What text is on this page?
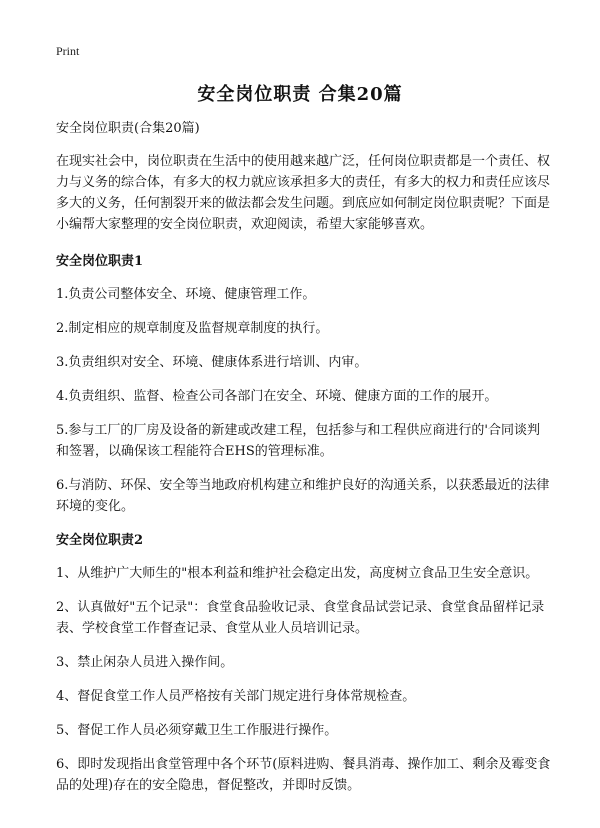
Print
安全岗位职责 合集20篇

安全岗位职责(合集20篇)

在现实社会中，岗位职责在生活中的使用越来越广泛，任何岗位职责都是一个责任、权力与义务的综合体，有多大的权力就应该承担多大的责任，有多大的权力和责任应该尽多大的义务，任何割裂开来的做法都会发生问题。到底应如何制定岗位职责呢？下面是小编帮大家整理的安全岗位职责，欢迎阅读，希望大家能够喜欢。

安全岗位职责1

1.负责公司整体安全、环境、健康管理工作。

2.制定相应的规章制度及监督规章制度的执行。

3.负责组织对安全、环境、健康体系进行培训、内审。

4.负责组织、监督、检查公司各部门在安全、环境、健康方面的工作的展开。

5.参与工厂的厂房及设备的新建或改建工程，包括参与和工程供应商进行的'合同谈判和签署，以确保该工程能符合EHS的管理标准。

6.与消防、环保、安全等当地政府机构建立和维护良好的沟通关系，以获悉最近的法律环境的变化。

安全岗位职责2

1、从维护广大师生的"根本利益和维护社会稳定出发，高度树立食品卫生安全意识。

2、认真做好"五个记录"：食堂食品验收记录、食堂食品试尝记录、食堂食品留样记录表、学校食堂工作督查记录、食堂从业人员培训记录。

3、禁止闲杂人员进入操作间。

4、督促食堂工作人员严格按有关部门规定进行身体常规检查。

5、督促工作人员必须穿戴卫生工作服进行操作。

6、即时发现指出食堂管理中各个环节(原料进购、餐具消毒、操作加工、剩余及霉变食品的处理)存在的安全隐患，督促整改，并即时反馈。
